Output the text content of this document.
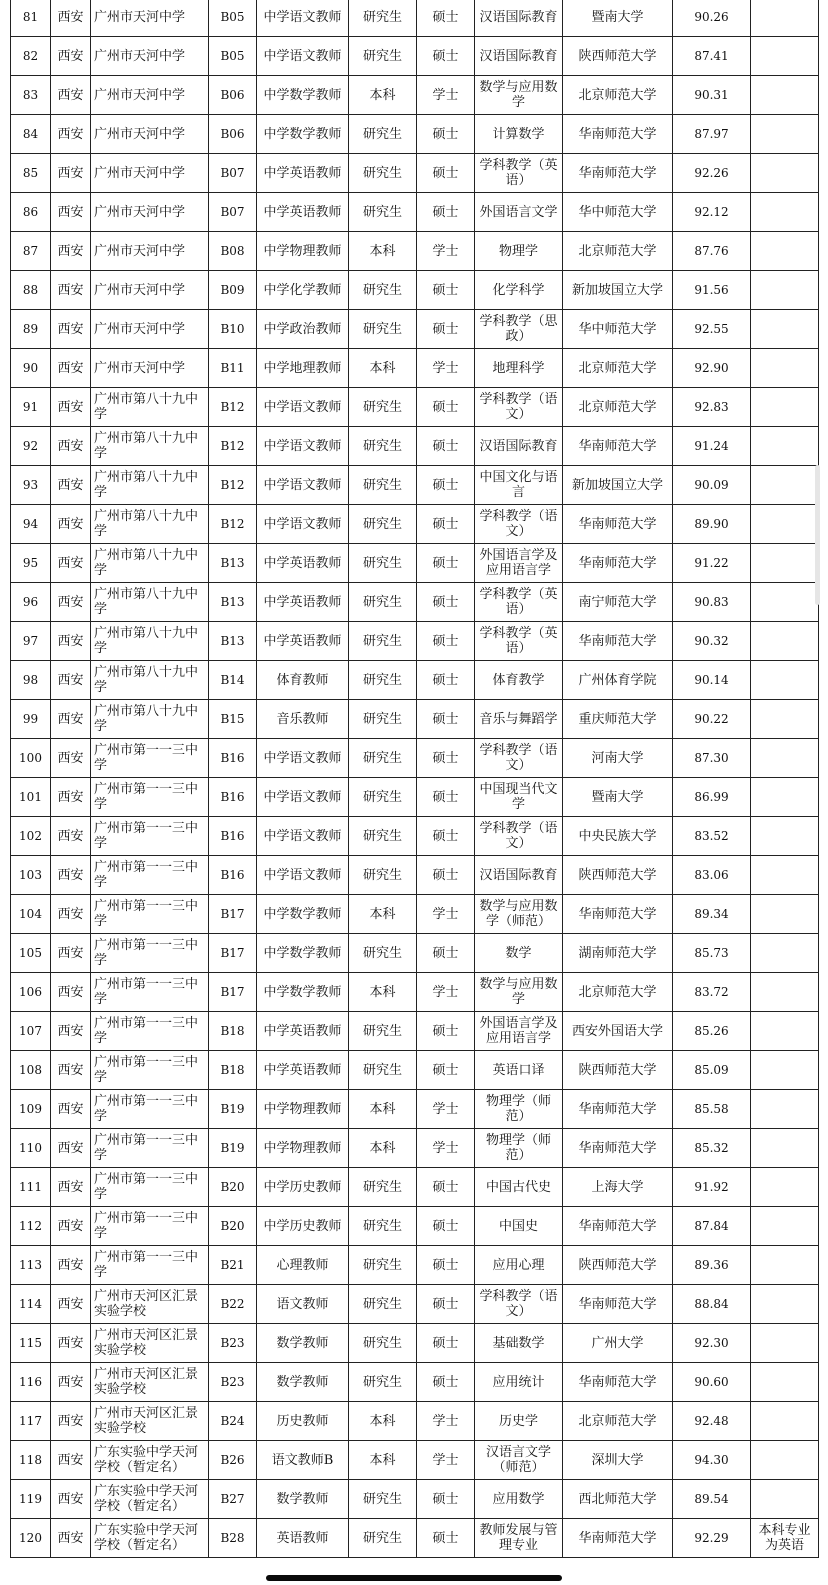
81	西安	广州市天河中学	B05	中学语文教师	研究生	硕士	汉语国际教育	暨南大学	90.26	
82	西安	广州市天河中学	B05	中学语文教师	研究生	硕士	汉语国际教育	陕西师范大学	87.41	
83	西安	广州市天河中学	B06	中学数学教师	本科	学士	数学与应用数学	北京师范大学	90.31	
84	西安	广州市天河中学	B06	中学数学教师	研究生	硕士	计算数学	华南师范大学	87.97	
85	西安	广州市天河中学	B07	中学英语教师	研究生	硕士	学科教学（英语）	华南师范大学	92.26	
86	西安	广州市天河中学	B07	中学英语教师	研究生	硕士	外国语言文学	华中师范大学	92.12	
87	西安	广州市天河中学	B08	中学物理教师	本科	学士	物理学	北京师范大学	87.76	
88	西安	广州市天河中学	B09	中学化学教师	研究生	硕士	化学科学	新加坡国立大学	91.56	
89	西安	广州市天河中学	B10	中学政治教师	研究生	硕士	学科教学（思政）	华中师范大学	92.55	
90	西安	广州市天河中学	B11	中学地理教师	本科	学士	地理科学	北京师范大学	92.90	
91	西安	广州市第八十九中学	B12	中学语文教师	研究生	硕士	学科教学（语文）	北京师范大学	92.83	
92	西安	广州市第八十九中学	B12	中学语文教师	研究生	硕士	汉语国际教育	华南师范大学	91.24	
93	西安	广州市第八十九中学	B12	中学语文教师	研究生	硕士	中国文化与语言	新加坡国立大学	90.09	
94	西安	广州市第八十九中学	B12	中学语文教师	研究生	硕士	学科教学（语文）	华南师范大学	89.90	
95	西安	广州市第八十九中学	B13	中学英语教师	研究生	硕士	外国语言学及应用语言学	华南师范大学	91.22	
96	西安	广州市第八十九中学	B13	中学英语教师	研究生	硕士	学科教学（英语）	南宁师范大学	90.83	
97	西安	广州市第八十九中学	B13	中学英语教师	研究生	硕士	学科教学（英语）	华南师范大学	90.32	
98	西安	广州市第八十九中学	B14	体育教师	研究生	硕士	体育教学	广州体育学院	90.14	
99	西安	广州市第八十九中学	B15	音乐教师	研究生	硕士	音乐与舞蹈学	重庆师范大学	90.22	
100	西安	广州市第一一三中学	B16	中学语文教师	研究生	硕士	学科教学（语文）	河南大学	87.30	
101	西安	广州市第一一三中学	B16	中学语文教师	研究生	硕士	中国现当代文学	暨南大学	86.99	
102	西安	广州市第一一三中学	B16	中学语文教师	研究生	硕士	学科教学（语文）	中央民族大学	83.52	
103	西安	广州市第一一三中学	B16	中学语文教师	研究生	硕士	汉语国际教育	陕西师范大学	83.06	
104	西安	广州市第一一三中学	B17	中学数学教师	本科	学士	数学与应用数学（师范）	华南师范大学	89.34	
105	西安	广州市第一一三中学	B17	中学数学教师	研究生	硕士	数学	湖南师范大学	85.73	
106	西安	广州市第一一三中学	B17	中学数学教师	本科	学士	数学与应用数学	北京师范大学	83.72	
107	西安	广州市第一一三中学	B18	中学英语教师	研究生	硕士	外国语言学及应用语言学	西安外国语大学	85.26	
108	西安	广州市第一一三中学	B18	中学英语教师	研究生	硕士	英语口译	陕西师范大学	85.09	
109	西安	广州市第一一三中学	B19	中学物理教师	本科	学士	物理学（师范）	华南师范大学	85.58	
110	西安	广州市第一一三中学	B19	中学物理教师	本科	学士	物理学（师范）	华南师范大学	85.32	
111	西安	广州市第一一三中学	B20	中学历史教师	研究生	硕士	中国古代史	上海大学	91.92	
112	西安	广州市第一一三中学	B20	中学历史教师	研究生	硕士	中国史	华南师范大学	87.84	
113	西安	广州市第一一三中学	B21	心理教师	研究生	硕士	应用心理	陕西师范大学	89.36	
114	西安	广州市天河区汇景实验学校	B22	语文教师	研究生	硕士	学科教学（语文）	华南师范大学	88.84	
115	西安	广州市天河区汇景实验学校	B23	数学教师	研究生	硕士	基础数学	广州大学	92.30	
116	西安	广州市天河区汇景实验学校	B23	数学教师	研究生	硕士	应用统计	华南师范大学	90.60	
117	西安	广州市天河区汇景实验学校	B24	历史教师	本科	学士	历史学	北京师范大学	92.48	
118	西安	广东实验中学天河学校（暂定名）	B26	语文教师B	本科	学士	汉语言文学（师范）	深圳大学	94.30	
119	西安	广东实验中学天河学校（暂定名）	B27	数学教师	研究生	硕士	应用数学	西北师范大学	89.54	
120	西安	广东实验中学天河学校（暂定名）	B28	英语教师	研究生	硕士	教师发展与管理专业	华南师范大学	92.29	本科专业为英语
